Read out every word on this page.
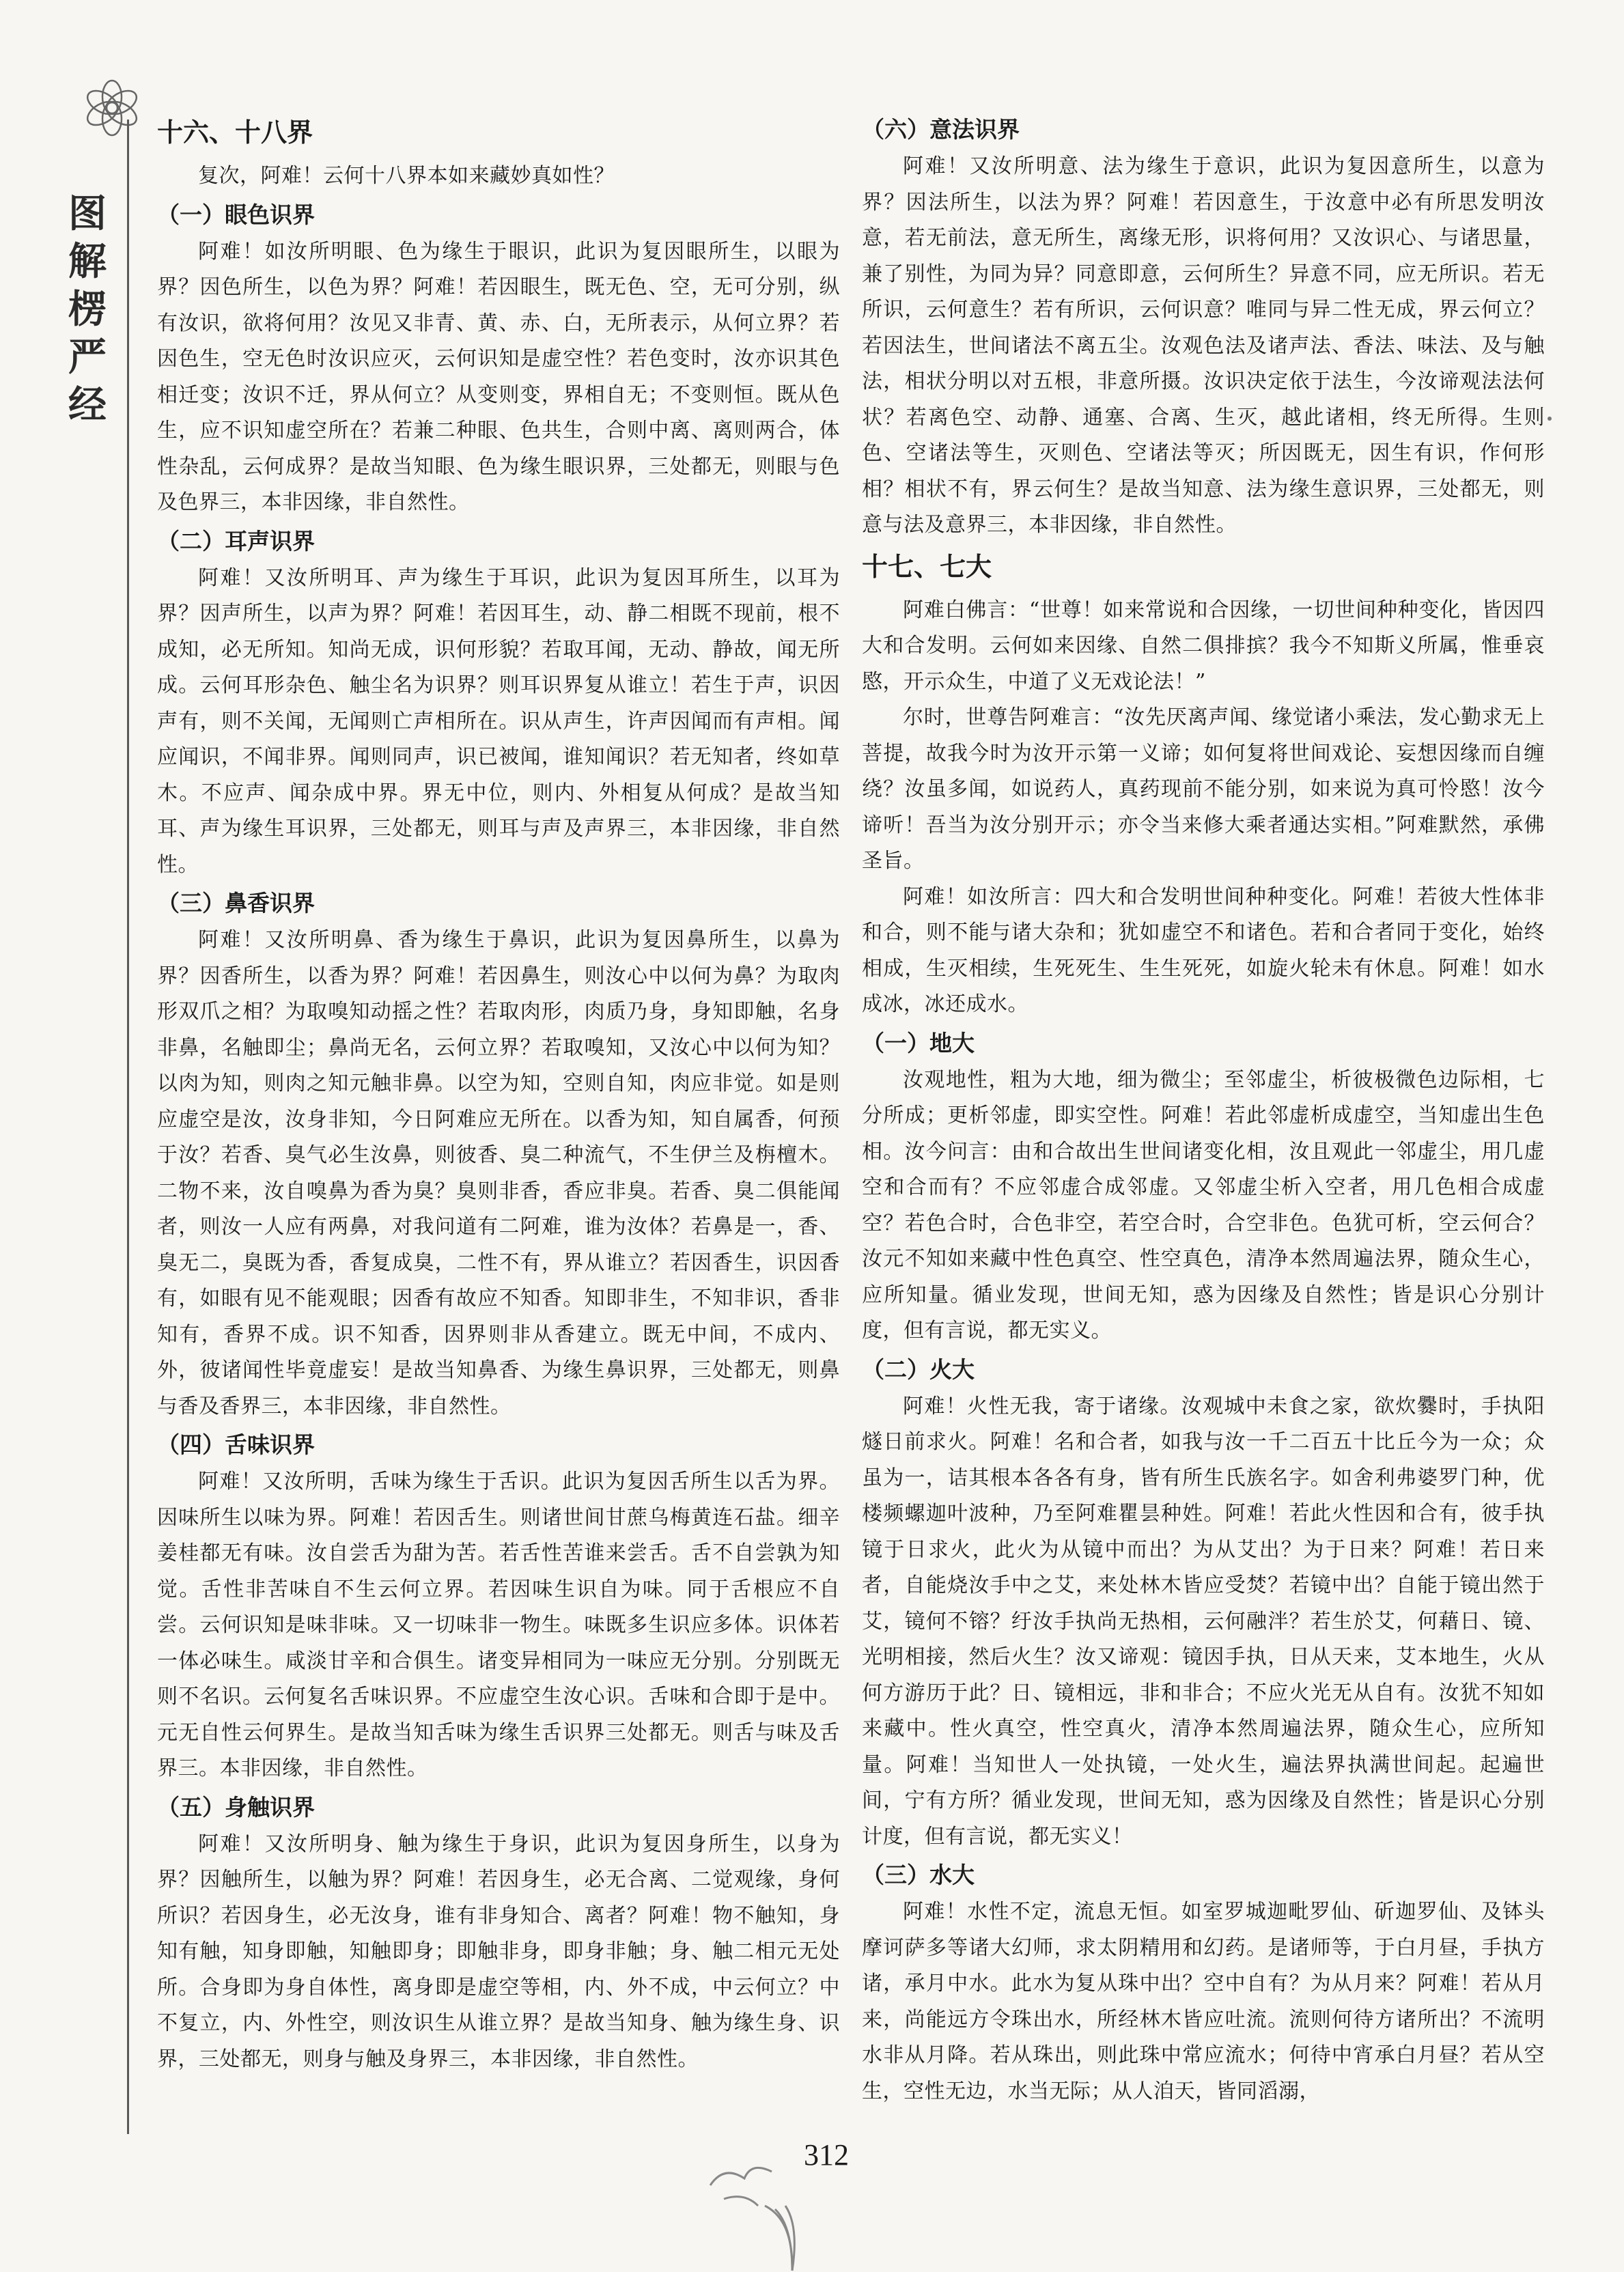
图
解
楞
严
经
十六、十八界

复次，阿难！云何十八界本如来藏妙真如性？

（一）眼色识界

阿难！如汝所明眼、色为缘生于眼识，此识为复因眼所生，以眼为界？因色所生，以色为界？阿难！若因眼生，既无色、空，无可分别，纵有汝识，欲将何用？汝见又非青、黄、赤、白，无所表示，从何立界？若因色生，空无色时汝识应灭，云何识知是虚空性？若色变时，汝亦识其色相迁变；汝识不迁，界从何立？从变则变，界相自无；不变则恒。既从色生，应不识知虚空所在？若兼二种眼、色共生，合则中离、离则两合，体性杂乱，云何成界？是故当知眼、色为缘生眼识界，三处都无，则眼与色及色界三，本非因缘，非自然性。

（二）耳声识界

阿难！又汝所明耳、声为缘生于耳识，此识为复因耳所生，以耳为界？因声所生，以声为界？阿难！若因耳生，动、静二相既不现前，根不成知，必无所知。知尚无成，识何形貌？若取耳闻，无动、静故，闻无所成。云何耳形杂色、触尘名为识界？则耳识界复从谁立！若生于声，识因声有，则不关闻，无闻则亡声相所在。识从声生，许声因闻而有声相。闻应闻识，不闻非界。闻则同声，识已被闻，谁知闻识？若无知者，终如草木。不应声、闻杂成中界。界无中位，则内、外相复从何成？是故当知耳、声为缘生耳识界，三处都无，则耳与声及声界三，本非因缘，非自然性。

（三）鼻香识界

阿难！又汝所明鼻、香为缘生于鼻识，此识为复因鼻所生，以鼻为界？因香所生，以香为界？阿难！若因鼻生，则汝心中以何为鼻？为取肉形双爪之相？为取嗅知动摇之性？若取肉形，肉质乃身，身知即触，名身非鼻，名触即尘；鼻尚无名，云何立界？若取嗅知，又汝心中以何为知？以肉为知，则肉之知元触非鼻。以空为知，空则自知，肉应非觉。如是则应虚空是汝，汝身非知，今日阿难应无所在。以香为知，知自属香，何预于汝？若香、臭气必生汝鼻，则彼香、臭二种流气，不生伊兰及栴檀木。二物不来，汝自嗅鼻为香为臭？臭则非香，香应非臭。若香、臭二俱能闻者，则汝一人应有两鼻，对我问道有二阿难，谁为汝体？若鼻是一，香、臭无二，臭既为香，香复成臭，二性不有，界从谁立？若因香生，识因香有，如眼有见不能观眼；因香有故应不知香。知即非生，不知非识，香非知有，香界不成。识不知香，因界则非从香建立。既无中间，不成内、外，彼诸闻性毕竟虚妄！是故当知鼻香、为缘生鼻识界，三处都无，则鼻与香及香界三，本非因缘，非自然性。

（四）舌味识界

阿难！又汝所明，舌味为缘生于舌识。此识为复因舌所生以舌为界。因味所生以味为界。阿难！若因舌生。则诸世间甘蔗乌梅黄连石盐。细辛姜桂都无有味。汝自尝舌为甜为苦。若舌性苦谁来尝舌。舌不自尝孰为知觉。舌性非苦味自不生云何立界。若因味生识自为味。同于舌根应不自尝。云何识知是味非味。又一切味非一物生。味既多生识应多体。识体若一体必味生。咸淡甘辛和合俱生。诸变异相同为一味应无分别。分别既无则不名识。云何复名舌味识界。不应虚空生汝心识。舌味和合即于是中。元无自性云何界生。是故当知舌味为缘生舌识界三处都无。则舌与味及舌界三。本非因缘，非自然性。

（五）身触识界

阿难！又汝所明身、触为缘生于身识，此识为复因身所生，以身为界？因触所生，以触为界？阿难！若因身生，必无合离、二觉观缘，身何所识？若因身生，必无汝身，谁有非身知合、离者？阿难！物不触知，身知有触，知身即触，知触即身；即触非身，即身非触；身、触二相元无处所。合身即为身自体性，离身即是虚空等相，内、外不成，中云何立？中不复立，内、外性空，则汝识生从谁立界？是故当知身、触为缘生身、识界，三处都无，则身与触及身界三，本非因缘，非自然性。

（六）意法识界

阿难！又汝所明意、法为缘生于意识，此识为复因意所生，以意为界？因法所生，以法为界？阿难！若因意生，于汝意中必有所思发明汝意，若无前法，意无所生，离缘无形，识将何用？又汝识心、与诸思量，兼了别性，为同为异？同意即意，云何所生？异意不同，应无所识。若无所识，云何意生？若有所识，云何识意？唯同与异二性无成，界云何立？若因法生，世间诸法不离五尘。汝观色法及诸声法、香法、味法、及与触法，相状分明以对五根，非意所摄。汝识决定依于法生，今汝谛观法法何状？若离色空、动静、通塞、合离、生灭，越此诸相，终无所得。生则色、空诸法等生，灭则色、空诸法等灭；所因既无，因生有识，作何形相？相状不有，界云何生？是故当知意、法为缘生意识界，三处都无，则意与法及意界三，本非因缘，非自然性。

十七、七大

阿难白佛言：“世尊！如来常说和合因缘，一切世间种种变化，皆因四大和合发明。云何如来因缘、自然二俱排摈？我今不知斯义所属，惟垂哀愍，开示众生，中道了义无戏论法！”

尔时，世尊告阿难言：“汝先厌离声闻、缘觉诸小乘法，发心勤求无上菩提，故我今时为汝开示第一义谛；如何复将世间戏论、妄想因缘而自缠绕？汝虽多闻，如说药人，真药现前不能分别，如来说为真可怜愍！汝今谛听！吾当为汝分别开示；亦令当来修大乘者通达实相。”阿难默然，承佛圣旨。

阿难！如汝所言：四大和合发明世间种种变化。阿难！若彼大性体非和合，则不能与诸大杂和；犹如虚空不和诸色。若和合者同于变化，始终相成，生灭相续，生死死生、生生死死，如旋火轮未有休息。阿难！如水成冰，冰还成水。

（一）地大

汝观地性，粗为大地，细为微尘；至邻虚尘，析彼极微色边际相，七分所成；更析邻虚，即实空性。阿难！若此邻虚析成虚空，当知虚出生色相。汝今问言：由和合故出生世间诸变化相，汝且观此一邻虚尘，用几虚空和合而有？不应邻虚合成邻虚。又邻虚尘析入空者，用几色相合成虚空？若色合时，合色非空，若空合时，合空非色。色犹可析，空云何合？汝元不知如来藏中性色真空、性空真色，清净本然周遍法界，随众生心，应所知量。循业发现，世间无知，惑为因缘及自然性；皆是识心分别计度，但有言说，都无实义。

（二）火大

阿难！火性无我，寄于诸缘。汝观城中未食之家，欲炊爨时，手执阳燧日前求火。阿难！名和合者，如我与汝一千二百五十比丘今为一众；众虽为一，诘其根本各各有身，皆有所生氏族名字。如舍利弗婆罗门种，优楼频螺迦叶波种，乃至阿难瞿昙种姓。阿难！若此火性因和合有，彼手执镜于日求火，此火为从镜中而出？为从艾出？为于日来？阿难！若日来者，自能烧汝手中之艾，来处林木皆应受焚？若镜中出？自能于镜出然于艾，镜何不镕？纡汝手执尚无热相，云何融泮？若生於艾，何藉日、镜、光明相接，然后火生？汝又谛观：镜因手执，日从天来，艾本地生，火从何方游历于此？日、镜相远，非和非合；不应火光无从自有。汝犹不知如来藏中。性火真空，性空真火，清净本然周遍法界，随众生心，应所知量。阿难！当知世人一处执镜，一处火生，遍法界执满世间起。起遍世间，宁有方所？循业发现，世间无知，惑为因缘及自然性；皆是识心分别计度，但有言说，都无实义！

（三）水大

阿难！水性不定，流息无恒。如室罗城迦毗罗仙、斫迦罗仙、及钵头摩诃萨多等诸大幻师，求太阴精用和幻药。是诸师等，于白月昼，手执方诸，承月中水。此水为复从珠中出？空中自有？为从月来？阿难！若从月来，尚能远方令珠出水，所经林木皆应吐流。流则何待方诸所出？不流明水非从月降。若从珠出，则此珠中常应流水；何待中宵承白月昼？若从空生，空性无边，水当无际；从人洎天，皆同滔溺，

312
